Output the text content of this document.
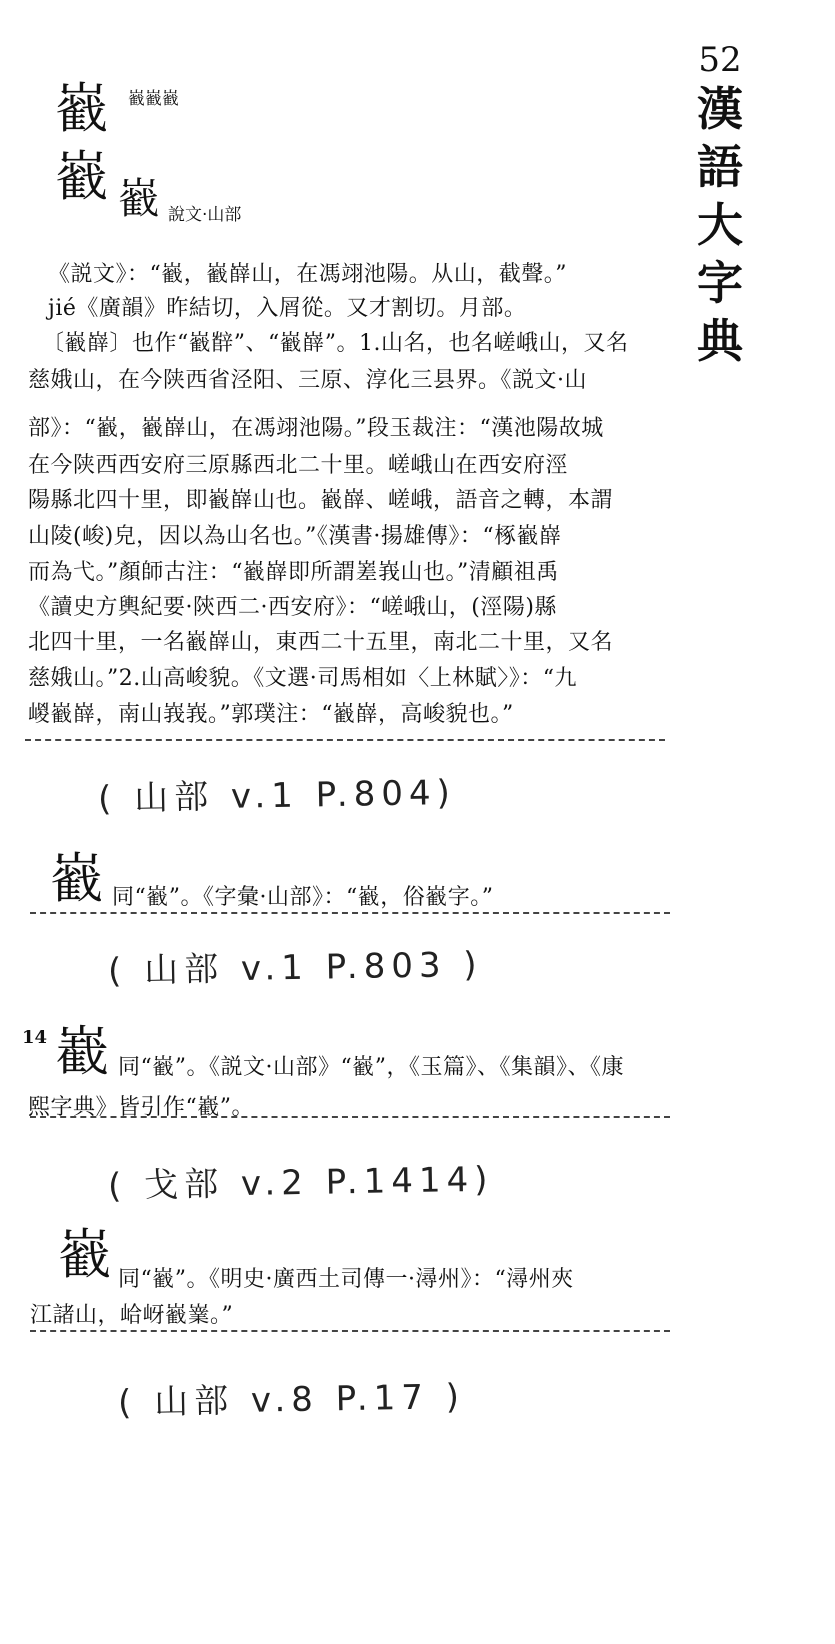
52
漢
語
大
字
典
巀 巀巀巀
巀 巀 說文·山部
《説文》：“巀，巀嶭山，在馮翊池陽。从山，截聲。”
jié《廣韻》昨結切，入屑從。又才割切。月部。
〔巀嶭〕也作“巀辥”、“巀嶭”。1.山名，也名嵯峨山，又名
慈娥山，在今陕西省泾阳、三原、淳化三县界。《説文·山
部》：“巀，巀嶭山，在馮翊池陽。”段玉裁注：“漢池陽故城
在今陕西西安府三原縣西北二十里。嵯峨山在西安府涇
陽縣北四十里，即巀嶭山也。巀嶭、嵯峨，語音之轉，本謂
山陵(峻)皃，因以為山名也。”《漢書·揚雄傳》：“椓巀嶭
而為弋。”顏師古注：“巀嶭即所謂嵳峩山也。”清顧祖禹
《讀史方輿紀要·陝西二·西安府》：“嵯峨山，(涇陽)縣
北四十里，一名巀嶭山，東西二十五里，南北二十里，又名
慈娥山。”2.山高峻貌。《文選·司馬相如〈上林賦〉》：“九
嵕巀嶭，南山峩峩。”郭璞注：“巀嶭，高峻貌也。”
( 山部 v.1 P.804)
巀 同“巀”。《字彙·山部》：“巀，俗巀字。”
( 山部 v.1 P.803 )
14 嶻 同“巀”。《説文·山部》“巀”，《玉篇》、《集韻》、《康
熙字典》皆引作“嶻”。
( 戈部 v.2 P.1414)
巀 同“巀”。《明史·廣西土司傳一·潯州》：“潯州夾
江諸山，峆岈巀嶪。”
( 山部 v.8 P.17 )
